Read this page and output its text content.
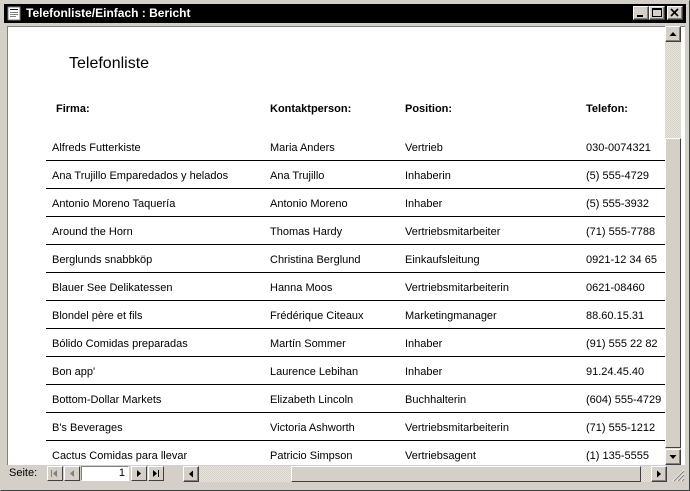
Telefonliste/Einfach : Bericht
Telefonliste
Firma:	Kontaktperson:	Position:	Telefon:
Alfreds Futterkiste	Maria Anders	Vertrieb	030-0074321
Ana Trujillo Emparedados y helados	Ana Trujillo	Inhaberin	(5) 555-4729
Antonio Moreno Taquería	Antonio Moreno	Inhaber	(5) 555-3932
Around the Horn	Thomas Hardy	Vertriebsmitarbeiter	(71) 555-7788
Berglunds snabbköp	Christina Berglund	Einkaufsleitung	0921-12 34 65
Blauer See Delikatessen	Hanna Moos	Vertriebsmitarbeiterin	0621-08460
Blondel père et fils	Frédérique Citeaux	Marketingmanager	88.60.15.31
Bólido Comidas preparadas	Martín Sommer	Inhaber	(91) 555 22 82
Bon app'	Laurence Lebihan	Inhaber	91.24.45.40
Bottom-Dollar Markets	Elizabeth Lincoln	Buchhalterin	(604) 555-4729
B's Beverages	Victoria Ashworth	Vertriebsmitarbeiterin	(71) 555-1212
Cactus Comidas para llevar	Patricio Simpson	Vertriebsagent	(1) 135-5555
Seite:	1
